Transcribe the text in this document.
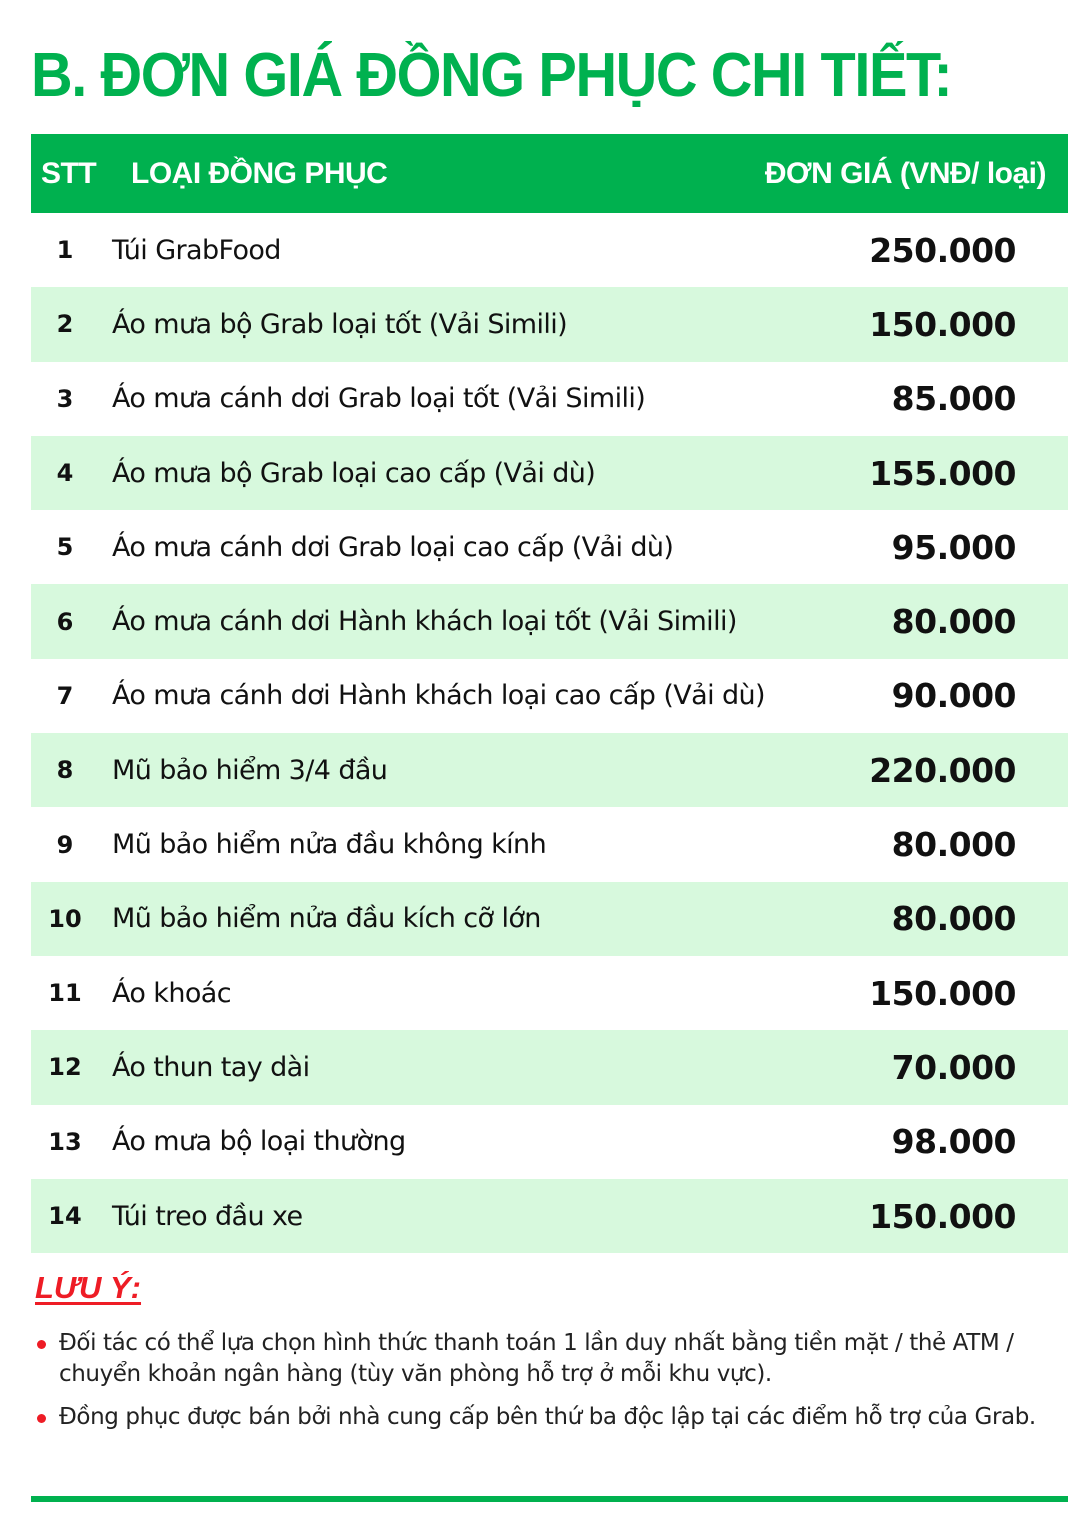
B. ĐƠN GIÁ ĐỒNG PHỤC CHI TIẾT:
STT	LOẠI ĐỒNG PHỤC	ĐƠN GIÁ (VNĐ/ loại)
1	Túi GrabFood	250.000
2	Áo mưa bộ Grab loại tốt (Vải Simili)	150.000
3	Áo mưa cánh dơi Grab loại tốt (Vải Simili)	85.000
4	Áo mưa bộ Grab loại cao cấp (Vải dù)	155.000
5	Áo mưa cánh dơi Grab loại cao cấp (Vải dù)	95.000
6	Áo mưa cánh dơi Hành khách loại tốt (Vải Simili)	80.000
7	Áo mưa cánh dơi Hành khách loại cao cấp (Vải dù)	90.000
8	Mũ bảo hiểm 3/4 đầu	220.000
9	Mũ bảo hiểm nửa đầu không kính	80.000
10	Mũ bảo hiểm nửa đầu kích cỡ lớn	80.000
11	Áo khoác	150.000
12	Áo thun tay dài	70.000
13	Áo mưa bộ loại thường	98.000
14	Túi treo đầu xe	150.000
LƯU Ý:
Đối tác có thể lựa chọn hình thức thanh toán 1 lần duy nhất bằng tiền mặt / thẻ ATM / chuyển khoản ngân hàng (tùy văn phòng hỗ trợ ở mỗi khu vực).
Đồng phục được bán bởi nhà cung cấp bên thứ ba độc lập tại các điểm hỗ trợ của Grab.
